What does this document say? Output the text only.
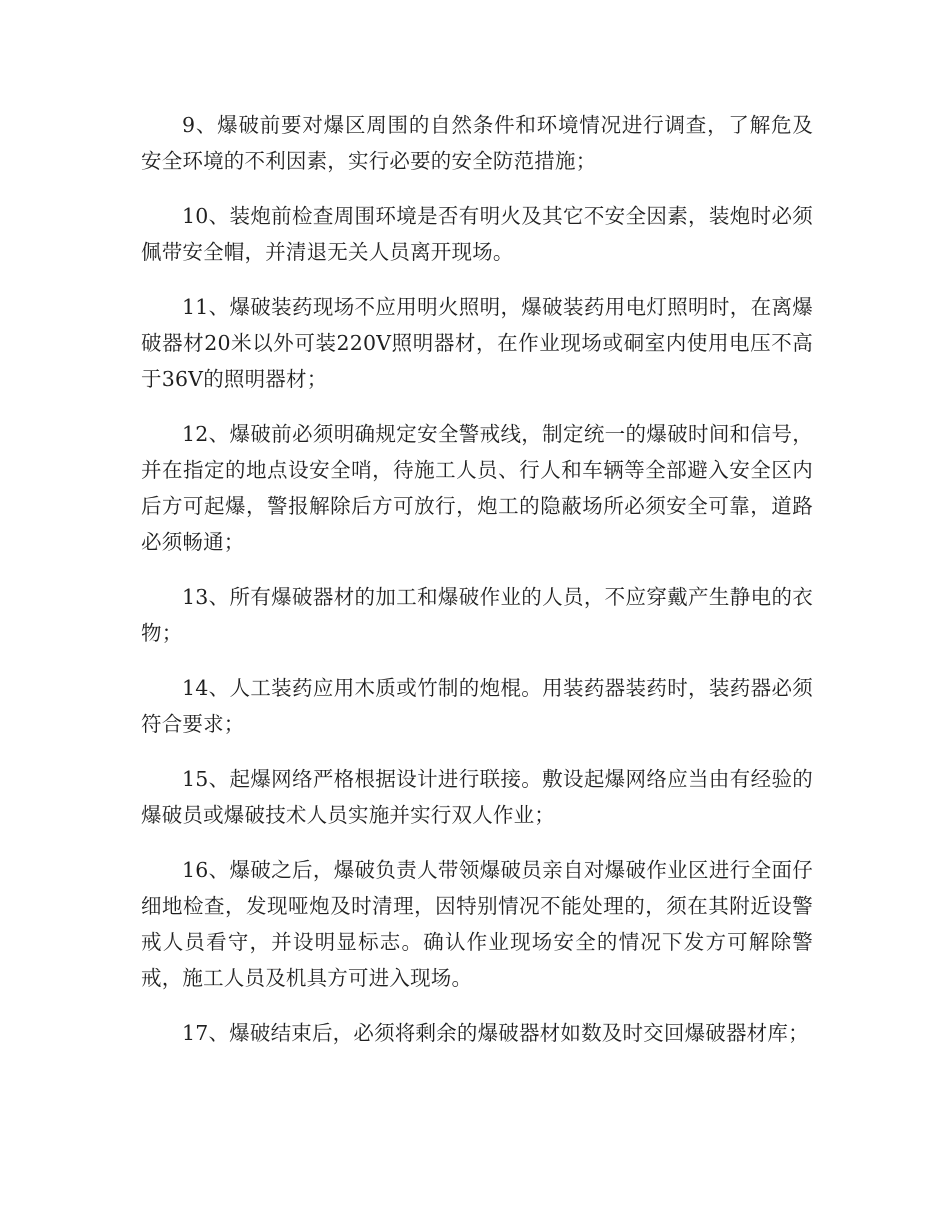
9、爆破前要对爆区周围的自然条件和环境情况进行调查，了解危及安全环境的不利因素，实行必要的安全防范措施；

10、装炮前检查周围环境是否有明火及其它不安全因素，装炮时必须佩带安全帽，并清退无关人员离开现场。

11、爆破装药现场不应用明火照明，爆破装药用电灯照明时，在离爆破器材20米以外可装220V照明器材，在作业现场或硐室内使用电压不高于36V的照明器材；

12、爆破前必须明确规定安全警戒线，制定统一的爆破时间和信号，并在指定的地点设安全哨，待施工人员、行人和车辆等全部避入安全区内后方可起爆，警报解除后方可放行，炮工的隐蔽场所必须安全可靠，道路必须畅通；

13、所有爆破器材的加工和爆破作业的人员，不应穿戴产生静电的衣物；

14、人工装药应用木质或竹制的炮棍。用装药器装药时，装药器必须符合要求；

15、起爆网络严格根据设计进行联接。敷设起爆网络应当由有经验的爆破员或爆破技术人员实施并实行双人作业；

16、爆破之后，爆破负责人带领爆破员亲自对爆破作业区进行全面仔细地检查，发现哑炮及时清理，因特别情况不能处理的，须在其附近设警戒人员看守，并设明显标志。确认作业现场安全的情况下发方可解除警戒，施工人员及机具方可进入现场。

17、爆破结束后，必须将剩余的爆破器材如数及时交回爆破器材库；
